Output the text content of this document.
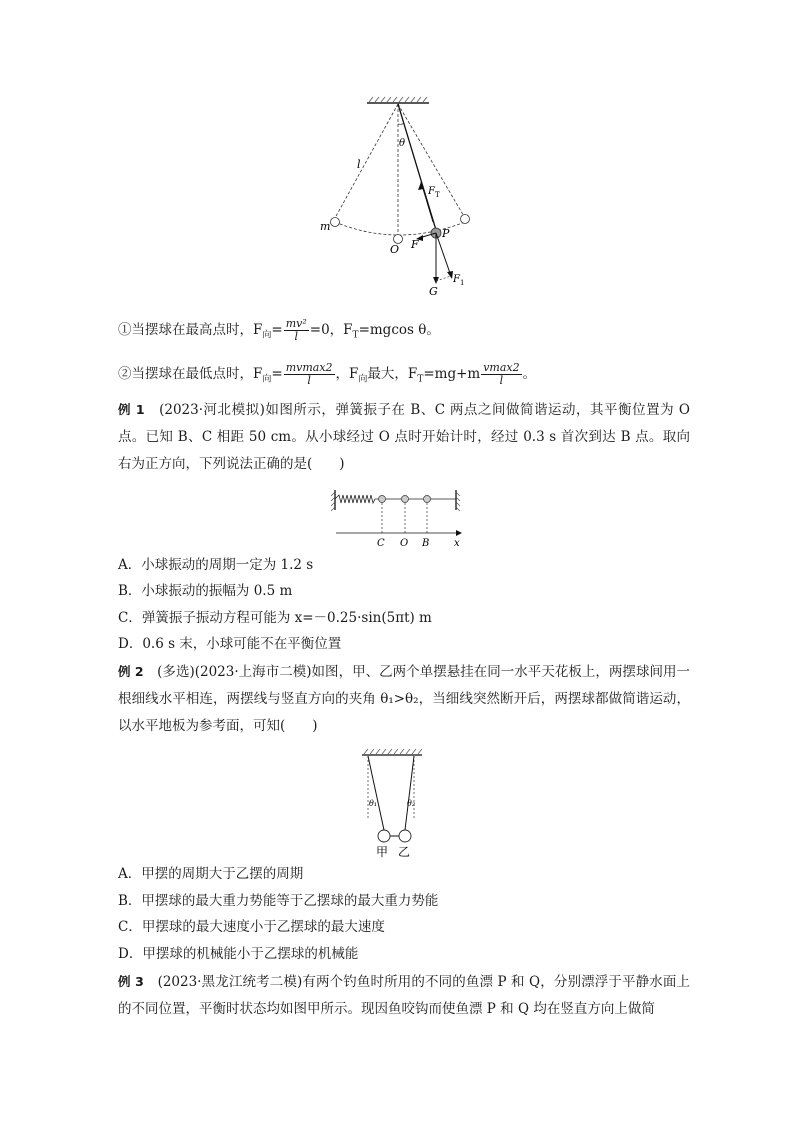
θ
l
F T
m
O F
P
F 1
G
①当摆球在最高点时，$F_向= \frac{\text{mv²}}{l} =0$，$F_T=mgcos$ θ。
②当摆球在最低点时，$F_向= \frac{mvmax2}{l}$ ，$F_向$最大，$F_T=mg+m \frac{vmax2}{l}$ 。
例 1　 (2023·河北模拟)如图所示，弹簧振子在 B、C 两点之间做简谐运动，其平衡位置为 O 点。已知 B、C 相距 50 cm。从小球经过 O 点时开始计时，经过 0.3 s 首次到达 B 点。取向右为正方向，下列说法正确的是(　　)
C O B x
A．小球振动的周期一定为 1.2 s
B．小球振动的振幅为 0.5 m
C．弹簧振子振动方程可能为 x=－0.25·sin(5πt) m
D．0.6 s 末，小球可能不在平衡位置
例 2　 (多选)(2023·上海市二模)如图，甲、乙两个单摆悬挂在同一水平天花板上，两摆球间用一根细线水平相连，两摆线与竖直方向的夹角 θ₁>θ₂，当细线突然断开后，两摆球都做简谐运动，以水平地板为参考面，可知(　　)
θ₁	θ₂
甲 乙
A．甲摆的周期大于乙摆的周期
B．甲摆球的最大重力势能等于乙摆球的最大重力势能
C．甲摆球的最大速度小于乙摆球的最大速度
D．甲摆球的机械能小于乙摆球的机械能
例 3　 (2023·黑龙江统考二模)有两个钓鱼时所用的不同的鱼漂 P 和 Q，分别漂浮于平静水面上的不同位置，平衡时状态均如图甲所示。现因鱼咬钩而使鱼漂 P 和 Q 均在竖直方向上做简
